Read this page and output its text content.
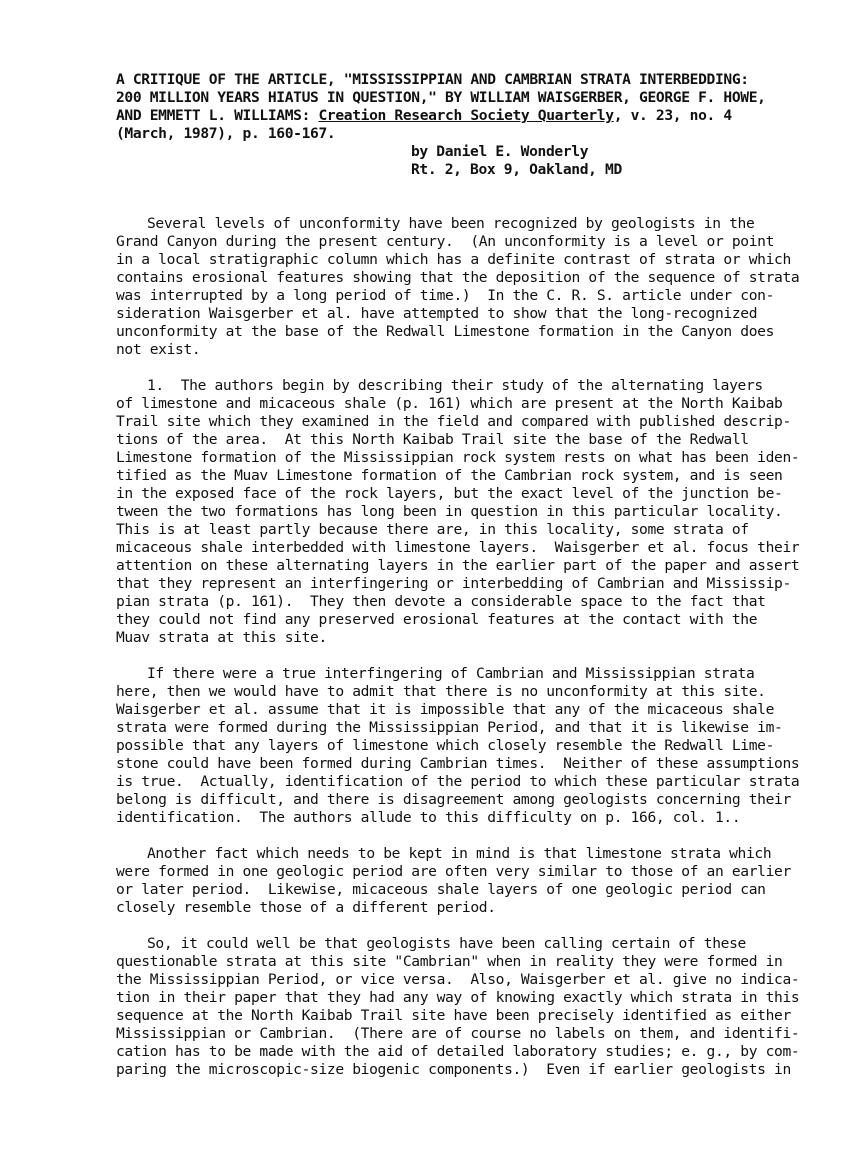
A CRITIQUE OF THE ARTICLE, "MISSISSIPPIAN AND CAMBRIAN STRATA INTERBEDDING:
200 MILLION YEARS HIATUS IN QUESTION," BY WILLIAM WAISGERBER, GEORGE F. HOWE,
AND EMMETT L. WILLIAMS: Creation Research Society Quarterly, v. 23, no. 4
(March, 1987), p. 160-167.
by Daniel E. Wonderly
Rt. 2, Box 9, Oakland, MD
Several levels of unconformity have been recognized by geologists in the
Grand Canyon during the present century.  (An unconformity is a level or point
in a local stratigraphic column which has a definite contrast of strata or which
contains erosional features showing that the deposition of the sequence of strata
was interrupted by a long period of time.)  In the C. R. S. article under con-
sideration Waisgerber et al. have attempted to show that the long-recognized
unconformity at the base of the Redwall Limestone formation in the Canyon does
not exist.
1.  The authors begin by describing their study of the alternating layers
of limestone and micaceous shale (p. 161) which are present at the North Kaibab
Trail site which they examined in the field and compared with published descrip-
tions of the area.  At this North Kaibab Trail site the base of the Redwall
Limestone formation of the Mississippian rock system rests on what has been iden-
tified as the Muav Limestone formation of the Cambrian rock system, and is seen
in the exposed face of the rock layers, but the exact level of the junction be-
tween the two formations has long been in question in this particular locality.
This is at least partly because there are, in this locality, some strata of
micaceous shale interbedded with limestone layers.  Waisgerber et al. focus their
attention on these alternating layers in the earlier part of the paper and assert
that they represent an interfingering or interbedding of Cambrian and Mississip-
pian strata (p. 161).  They then devote a considerable space to the fact that
they could not find any preserved erosional features at the contact with the
Muav strata at this site.
If there were a true interfingering of Cambrian and Mississippian strata
here, then we would have to admit that there is no unconformity at this site.
Waisgerber et al. assume that it is impossible that any of the micaceous shale
strata were formed during the Mississippian Period, and that it is likewise im-
possible that any layers of limestone which closely resemble the Redwall Lime-
stone could have been formed during Cambrian times.  Neither of these assumptions
is true.  Actually, identification of the period to which these particular strata
belong is difficult, and there is disagreement among geologists concerning their
identification.  The authors allude to this difficulty on p. 166, col. 1..
Another fact which needs to be kept in mind is that limestone strata which
were formed in one geologic period are often very similar to those of an earlier
or later period.  Likewise, micaceous shale layers of one geologic period can
closely resemble those of a different period.
So, it could well be that geologists have been calling certain of these
questionable strata at this site "Cambrian" when in reality they were formed in
the Mississippian Period, or vice versa.  Also, Waisgerber et al. give no indica-
tion in their paper that they had any way of knowing exactly which strata in this
sequence at the North Kaibab Trail site have been precisely identified as either
Mississippian or Cambrian.  (There are of course no labels on them, and identifi-
cation has to be made with the aid of detailed laboratory studies; e. g., by com-
paring the microscopic-size biogenic components.)  Even if earlier geologists in
